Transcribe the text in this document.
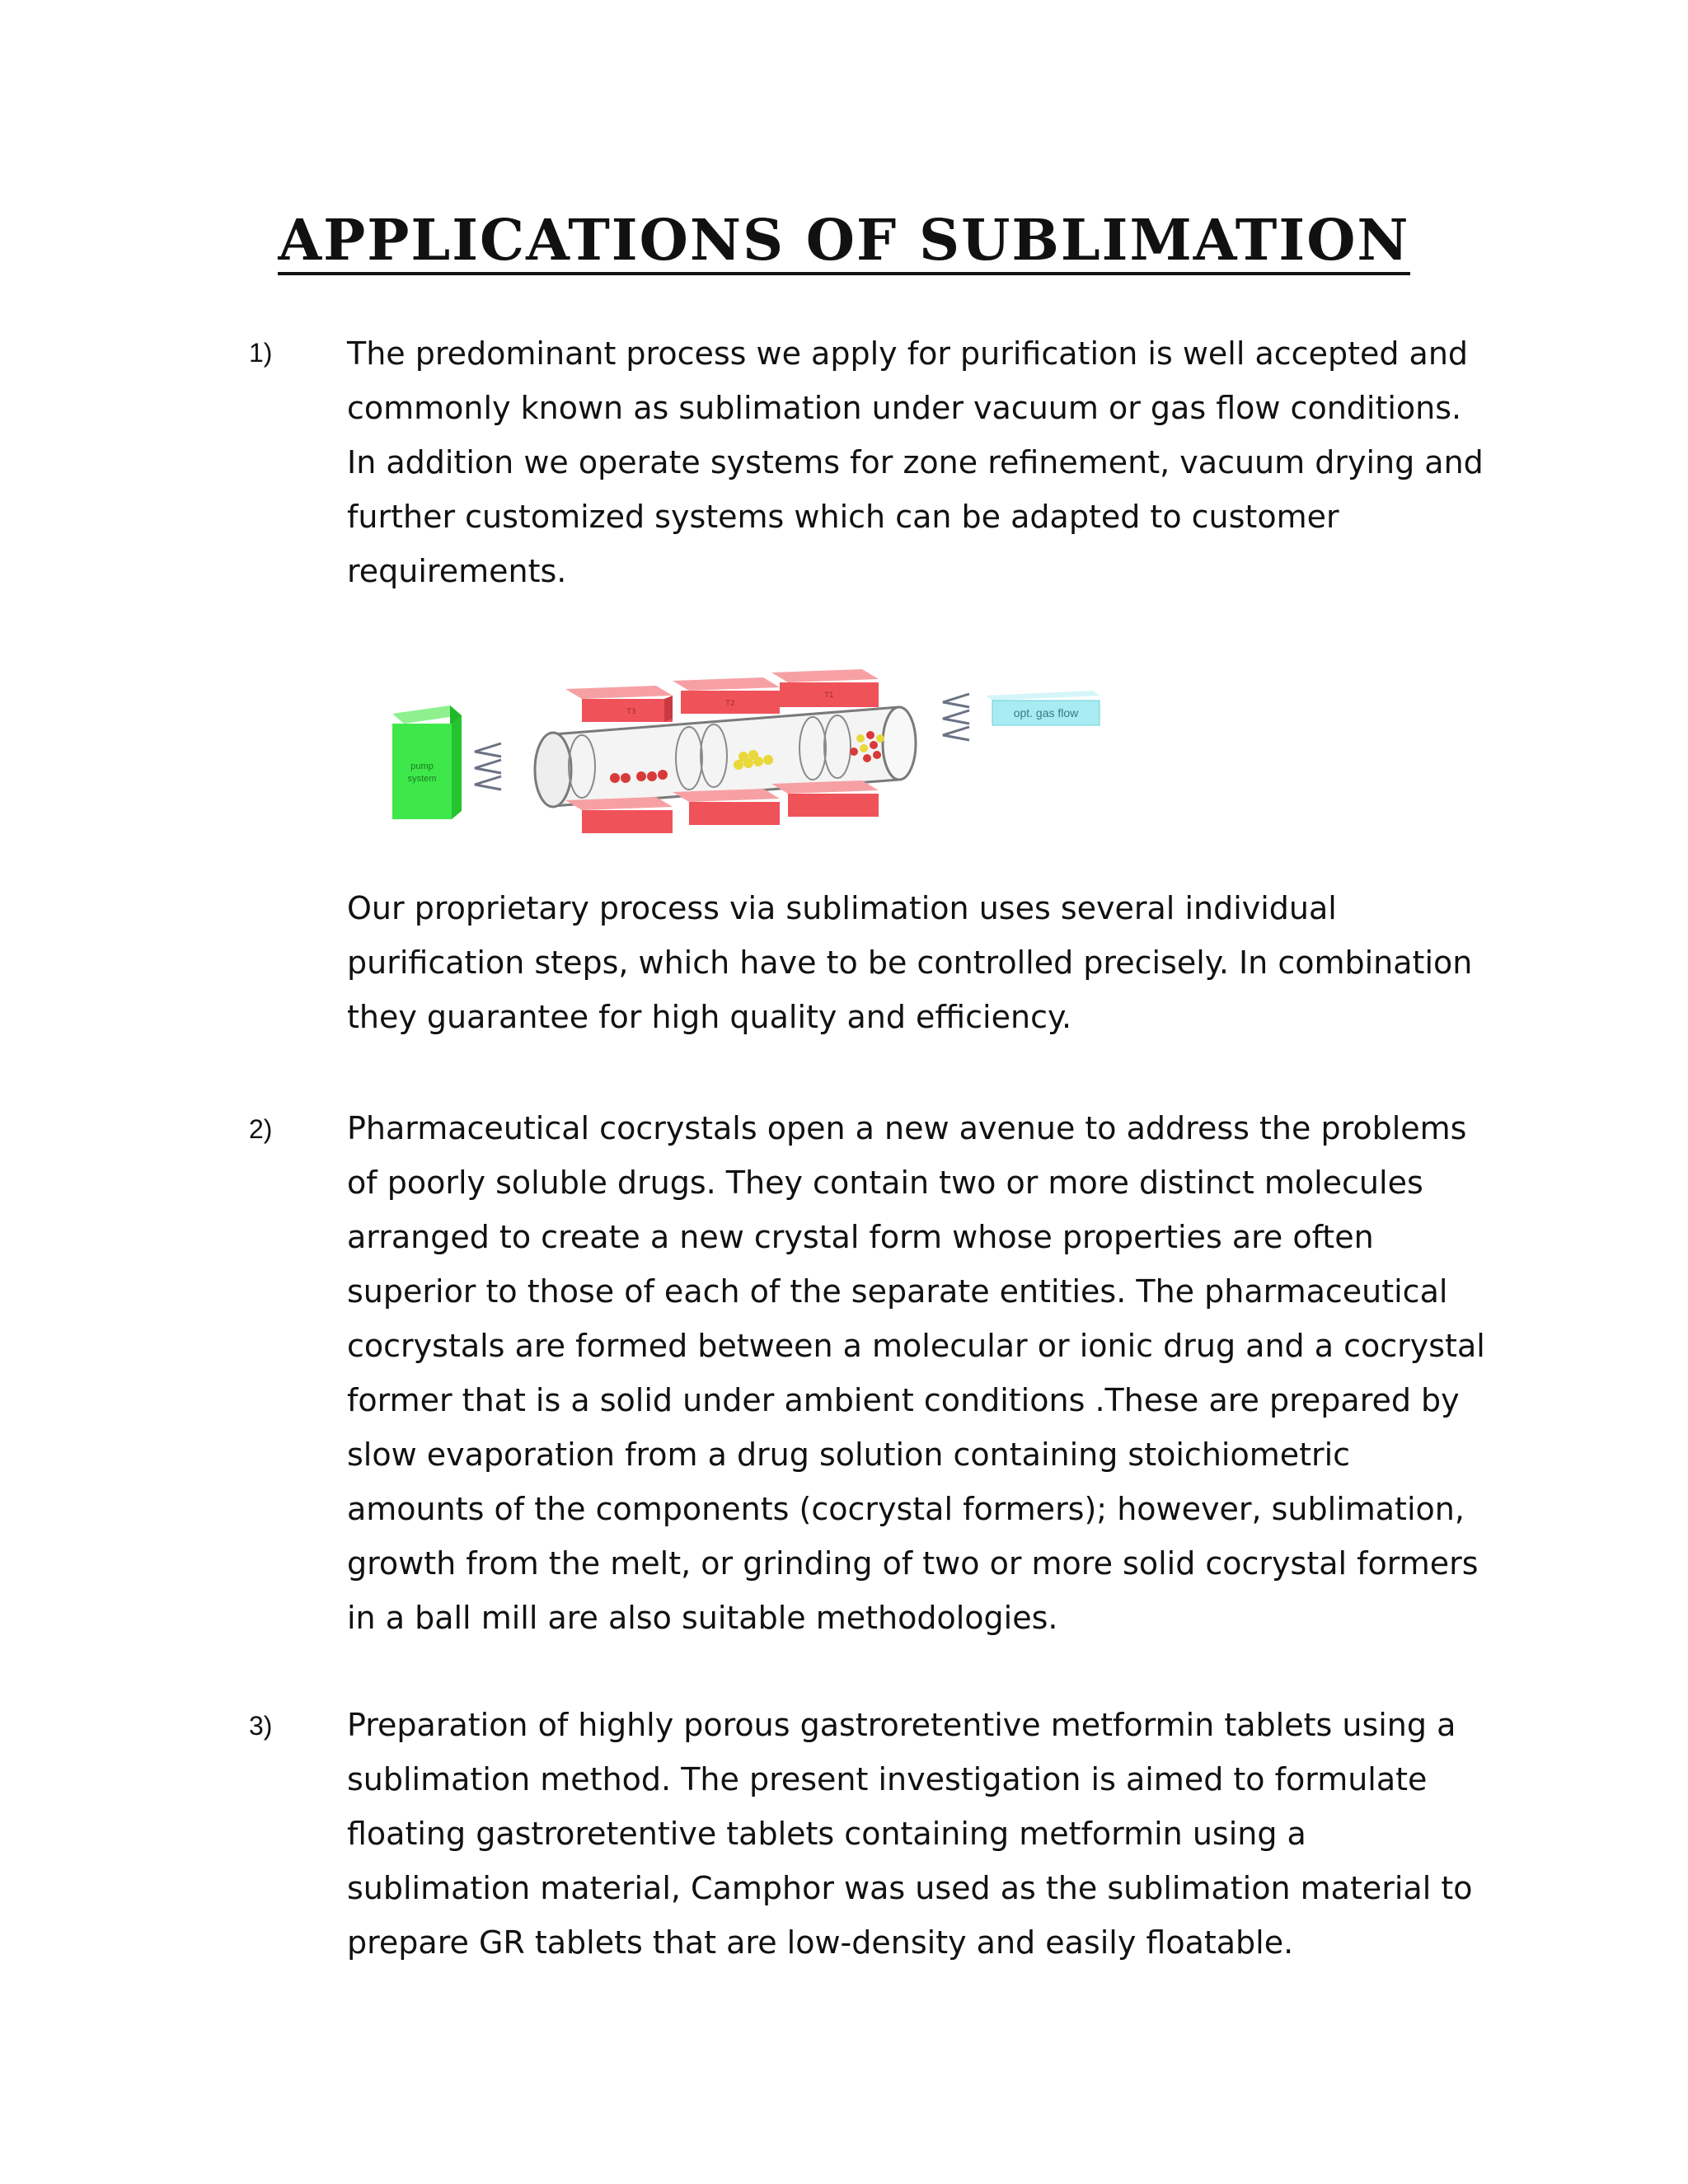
APPLICATIONS OF SUBLIMATION
1) The predominant process we apply for purification is well accepted and commonly known as sublimation under vacuum or gas flow conditions. In addition we operate systems for zone refinement, vacuum drying and further customized systems which can be adapted to customer requirements.

pump
system
T3
T2
T1
opt. gas flow

Our proprietary process via sublimation uses several individual purification steps, which have to be controlled precisely. In combination they guarantee for high quality and efficiency.

2) Pharmaceutical cocrystals open a new avenue to address the problems of poorly soluble drugs. They contain two or more distinct molecules arranged to create a new crystal form whose properties are often superior to those of each of the separate entities. The pharmaceutical cocrystals are formed between a molecular or ionic drug and a cocrystal former that is a solid under ambient conditions .These are prepared by slow evaporation from a drug solution containing stoichiometric amounts of the components (cocrystal formers); however, sublimation, growth from the melt, or grinding of two or more solid cocrystal formers in a ball mill are also suitable methodologies.

3) Preparation of highly porous gastroretentive metformin tablets using a sublimation method. The present investigation is aimed to formulate floating gastroretentive tablets containing metformin using a sublimation material, Camphor was used as the sublimation material to prepare GR tablets that are low-density and easily floatable.
